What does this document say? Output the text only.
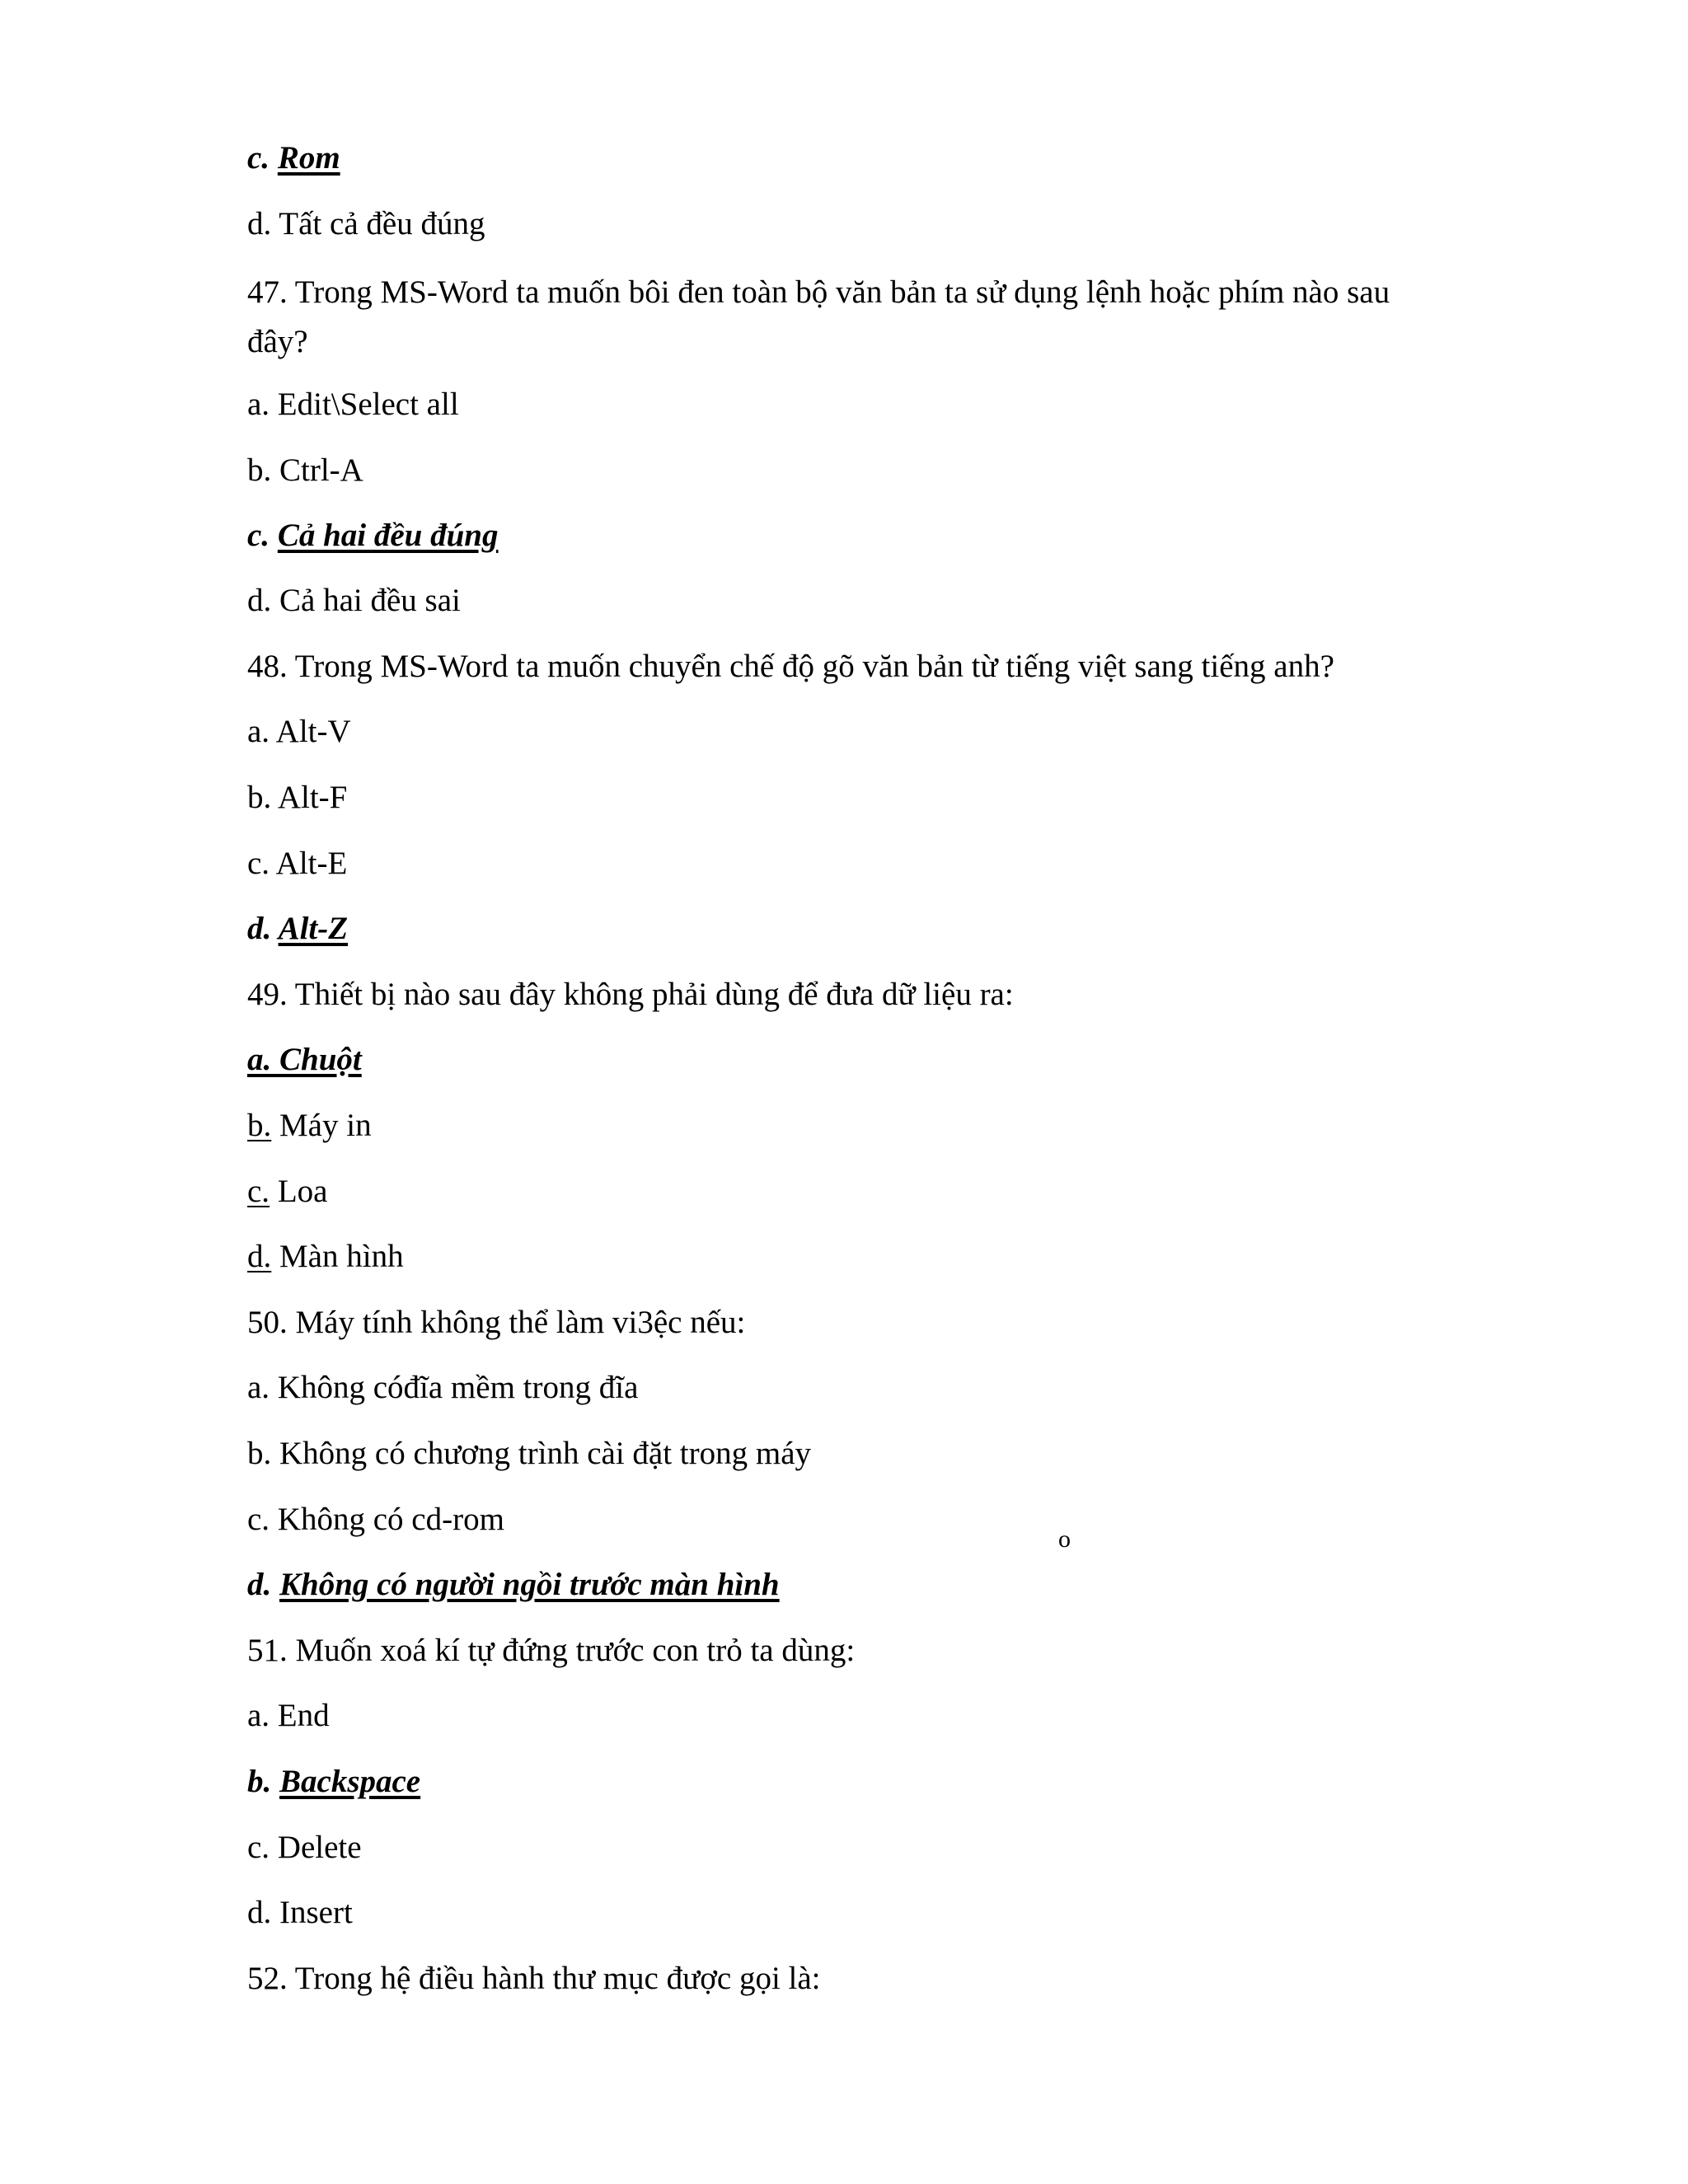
c. Rom
d. Tất cả đều đúng
47. Trong MS-Word ta muốn bôi đen toàn bộ văn bản ta sử dụng lệnh hoặc phím nào sau đây?
a. Edit\Select all
b. Ctrl-A
c. Cả hai đều đúng
d. Cả hai đều sai
48. Trong MS-Word ta muốn chuyển chế độ gõ văn bản từ tiếng việt sang tiếng anh?
a. Alt-V
b. Alt-F
c. Alt-E
d. Alt-Z
49. Thiết bị nào sau đây không phải dùng để đưa dữ liệu ra:
a. Chuột
b. Máy in
c. Loa
d. Màn hình
50. Máy tính không thể làm vi3ệc nếu:
a. Không cóđĩa mềm trong đĩa
b. Không có chương trình cài đặt trong máy
c. Không có cd-rom
o
d. Không có người ngồi trước màn hình
51. Muốn xoá kí tự đứng trước con trỏ ta dùng:
a. End
b. Backspace
c. Delete
d. Insert
52. Trong hệ điều hành thư mục được gọi là:
